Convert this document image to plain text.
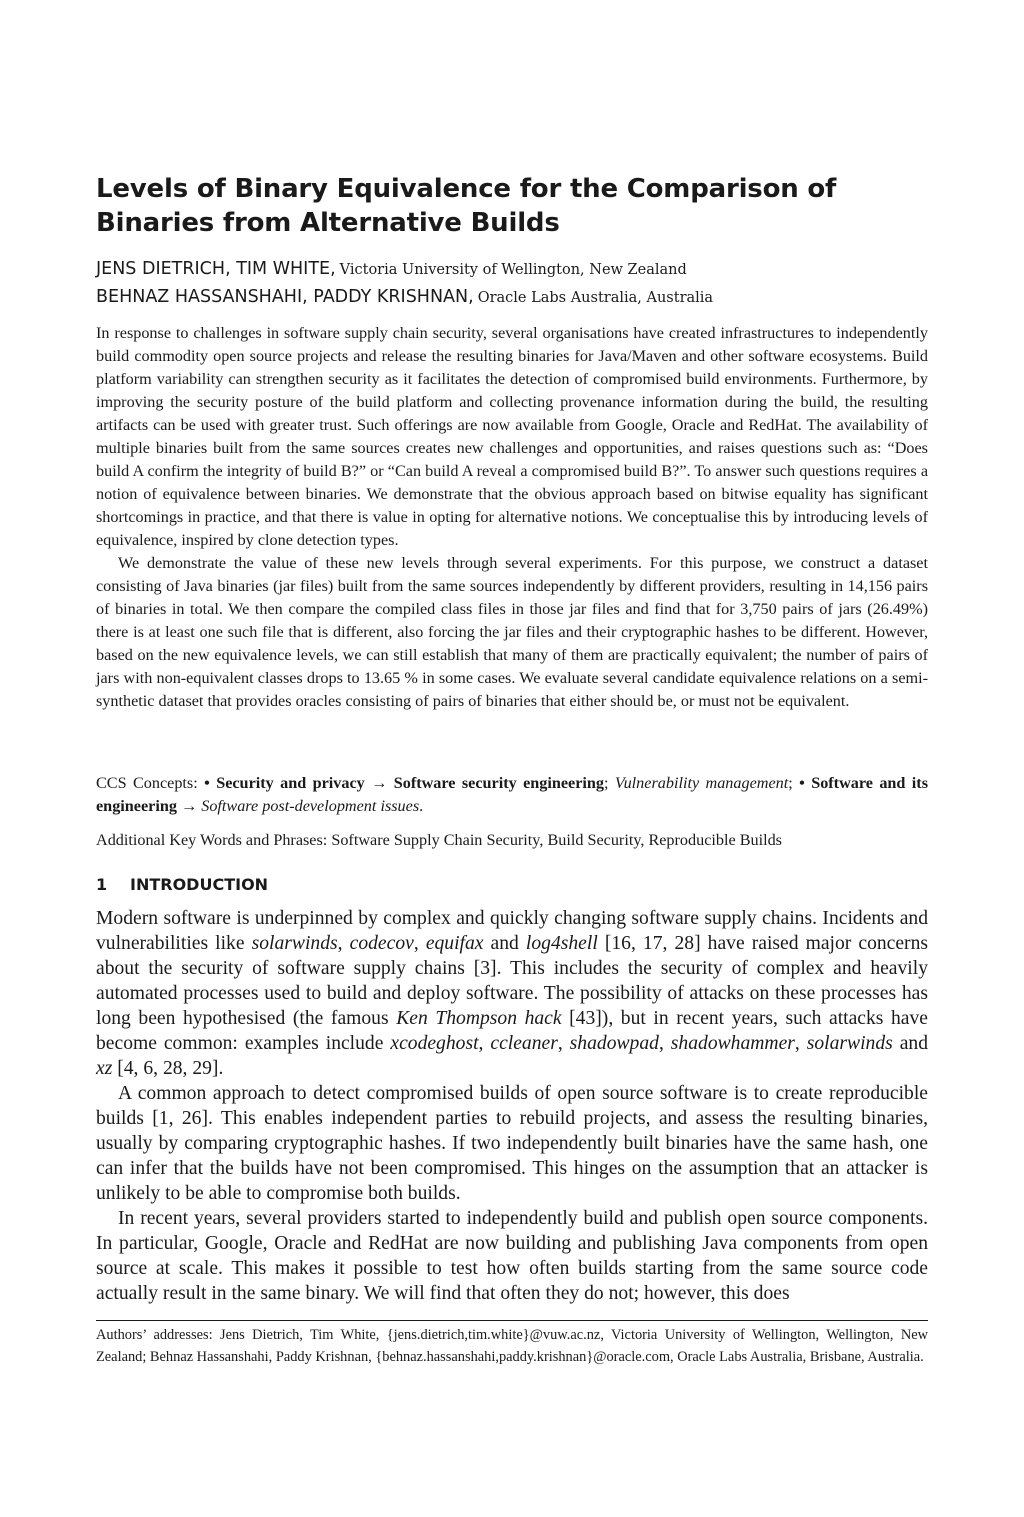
Levels of Binary Equivalence for the Comparison of Binaries from Alternative Builds
JENS DIETRICH, TIM WHITE, Victoria University of Wellington, New Zealand
BEHNAZ HASSANSHAHI, PADDY KRISHNAN, Oracle Labs Australia, Australia

In response to challenges in software supply chain security, several organisations have created infrastructures to independently build commodity open source projects and release the resulting binaries for Java/Maven and other software ecosystems. Build platform variability can strengthen security as it facilitates the detection of compromised build environments. Furthermore, by improving the security posture of the build platform and collecting provenance information during the build, the resulting artifacts can be used with greater trust. Such offerings are now available from Google, Oracle and RedHat. The availability of multiple binaries built from the same sources creates new challenges and opportunities, and raises questions such as: “Does build A confirm the integrity of build B?” or “Can build A reveal a compromised build B?”. To answer such questions requires a notion of equivalence between binaries. We demonstrate that the obvious approach based on bitwise equality has significant shortcomings in practice, and that there is value in opting for alternative notions. We conceptualise this by introducing levels of equivalence, inspired by clone detection types.

We demonstrate the value of these new levels through several experiments. For this purpose, we construct a dataset consisting of Java binaries (jar files) built from the same sources independently by different providers, resulting in 14,156 pairs of binaries in total. We then compare the compiled class files in those jar files and find that for 3,750 pairs of jars (26.49%) there is at least one such file that is different, also forcing the jar files and their cryptographic hashes to be different. However, based on the new equivalence levels, we can still establish that many of them are practically equivalent; the number of pairs of jars with non-equivalent classes drops to 13.65 % in some cases. We evaluate several candidate equivalence relations on a semi-synthetic dataset that provides oracles consisting of pairs of binaries that either should be, or must not be equivalent.

CCS Concepts: • Security and privacy → Software security engineering; Vulnerability management; • Software and its engineering → Software post-development issues.
Additional Key Words and Phrases: Software Supply Chain Security, Build Security, Reproducible Builds
1 INTRODUCTION

Modern software is underpinned by complex and quickly changing software supply chains. Incidents and vulnerabilities like solarwinds, codecov, equifax and log4shell [16, 17, 28] have raised major concerns about the security of software supply chains [3]. This includes the security of complex and heavily automated processes used to build and deploy software. The possibility of attacks on these processes has long been hypothesised (the famous Ken Thompson hack [43]), but in recent years, such attacks have become common: examples include xcodeghost, ccleaner, shadowpad, shadowhammer, solarwinds and xz [4, 6, 28, 29].

A common approach to detect compromised builds of open source software is to create reproducible builds [1, 26]. This enables independent parties to rebuild projects, and assess the resulting binaries, usually by comparing cryptographic hashes. If two independently built binaries have the same hash, one can infer that the builds have not been compromised. This hinges on the assumption that an attacker is unlikely to be able to compromise both builds.

In recent years, several providers started to independently build and publish open source components. In particular, Google, Oracle and RedHat are now building and publishing Java components from open source at scale. This makes it possible to test how often builds starting from the same source code actually result in the same binary. We will find that often they do not; however, this does

Authors’ addresses: Jens Dietrich, Tim White, {jens.dietrich,tim.white}@vuw.ac.nz, Victoria University of Wellington, Wellington, New Zealand; Behnaz Hassanshahi, Paddy Krishnan, {behnaz.hassanshahi,paddy.krishnan}@oracle.com, Oracle Labs Australia, Brisbane, Australia.
